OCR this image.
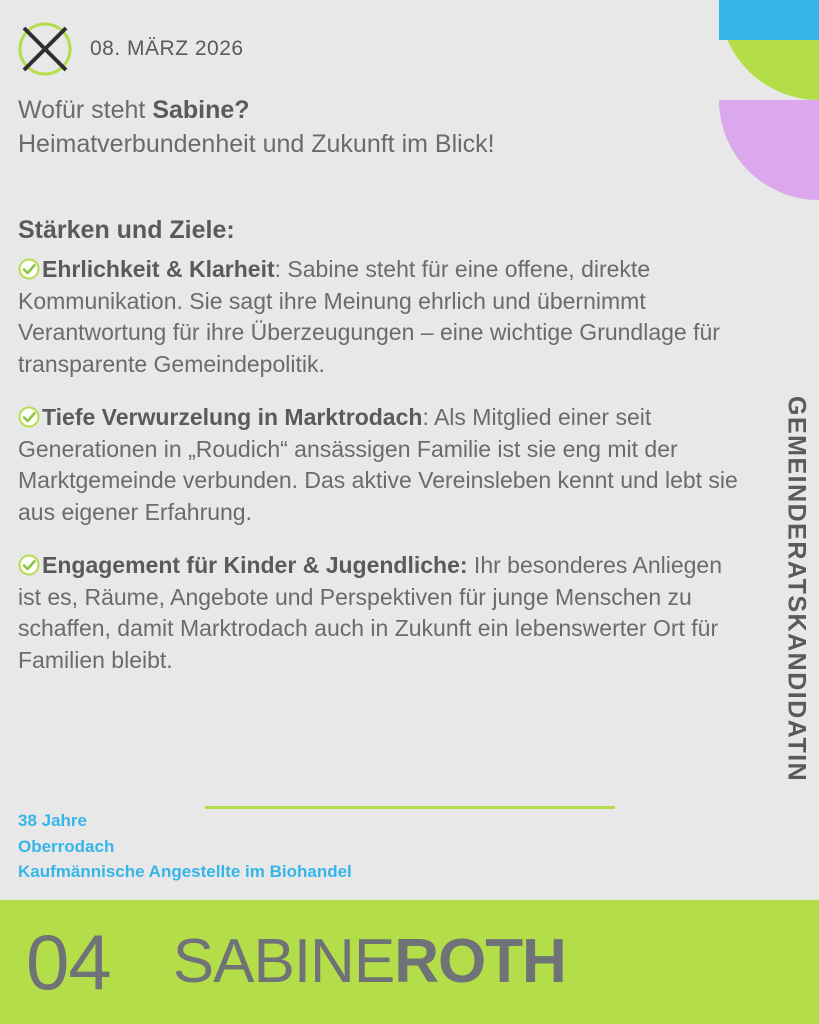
08. MÄRZ 2026
Wofür steht Sabine?
Heimatverbundenheit und Zukunft im Blick!
Stärken und Ziele:
Ehrlichkeit & Klarheit: Sabine steht für eine offene, direkte Kommunikation. Sie sagt ihre Meinung ehrlich und übernimmt Verantwortung für ihre Überzeugungen – eine wichtige Grundlage für transparente Gemeindepolitik.
Tiefe Verwurzelung in Marktrodach: Als Mitglied einer seit Generationen in „Roudich“ ansässigen Familie ist sie eng mit der Marktgemeinde verbunden. Das aktive Vereinsleben kennt und lebt sie aus eigener Erfahrung.
Engagement für Kinder & Jugendliche: Ihr besonderes Anliegen ist es, Räume, Angebote und Perspektiven für junge Menschen zu schaffen, damit Marktrodach auch in Zukunft ein lebenswerter Ort für Familien bleibt.	GEMEINDERATSKANDIDATIN
38 Jahre
Oberrodach
Kaufmännische Angestellte im Biohandel
04 SABINEROTH
